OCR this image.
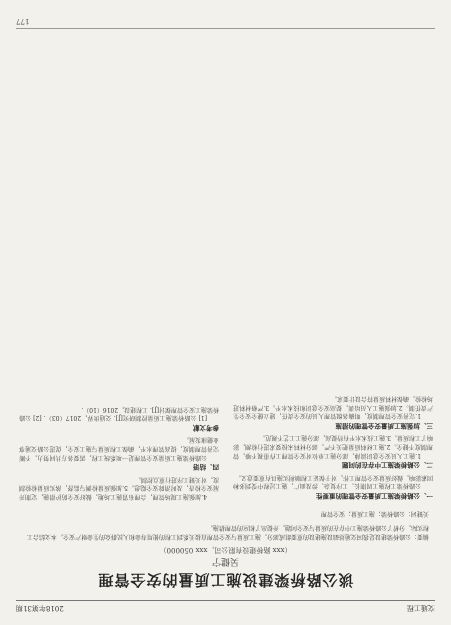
交通工程
2018年第31期
谈公路桥梁建设施工质量的安全管理
吴健宁
（xxx 路桥建设有限公司，xxx 050000）
摘要：公路桥梁建设是我国交通基础设施建设的重要组成部分，施工质量与安全管理直接关系到工程的使用寿命和人民群众的生命财产安全。本文结合工程实际，分析了公路桥梁施工中存在的质量与安全问题，并提出了相应的管理措施。
关键词：公路桥梁；施工质量；安全管理
一、公路桥梁施工质量安全管理的重要性

公路桥梁工程施工周期长、工序复杂、涉及面广，施工过程中受到多种因素影响，做好质量安全管理工作，对于保证工程顺利实施具有重要意义。

二、公路桥梁施工中存在的问题

1.施工人员安全意识淡薄，部分施工单位对安全管理工作重视不够，管理制度不健全。2.施工材料质量把关不严，部分材料未按要求进行检测，影响了工程质量。3.施工技术水平有待提高，部分施工工艺不规范。

三、加强施工质量安全管理的措施

1.完善安全管理制度，明确各级管理人员的安全责任，建立健全安全生产责任制。2.加强施工人员培训，提高安全意识和技术水平。3.严格材料进场检验，确保材料质量符合设计要求。

4.加强施工现场管理，合理布置施工场地，做好安全防护措施，定期开展安全检查，及时消除安全隐患。5.加强质量检测与监督，落实质量检验制度，对关键工序进行重点控制。

四、结语

公路桥梁施工质量安全管理是一项系统工程，需要各方共同努力，不断完善管理制度，提高管理水平，确保工程质量与施工安全，促进公路交通事业健康发展。

参考文献

[1] 公路桥梁施工质量控制研究[J]. 交通世界，2017（03）. [2] 公路桥梁施工安全管理探讨[J]. 工程建设，2016（10）.

177
